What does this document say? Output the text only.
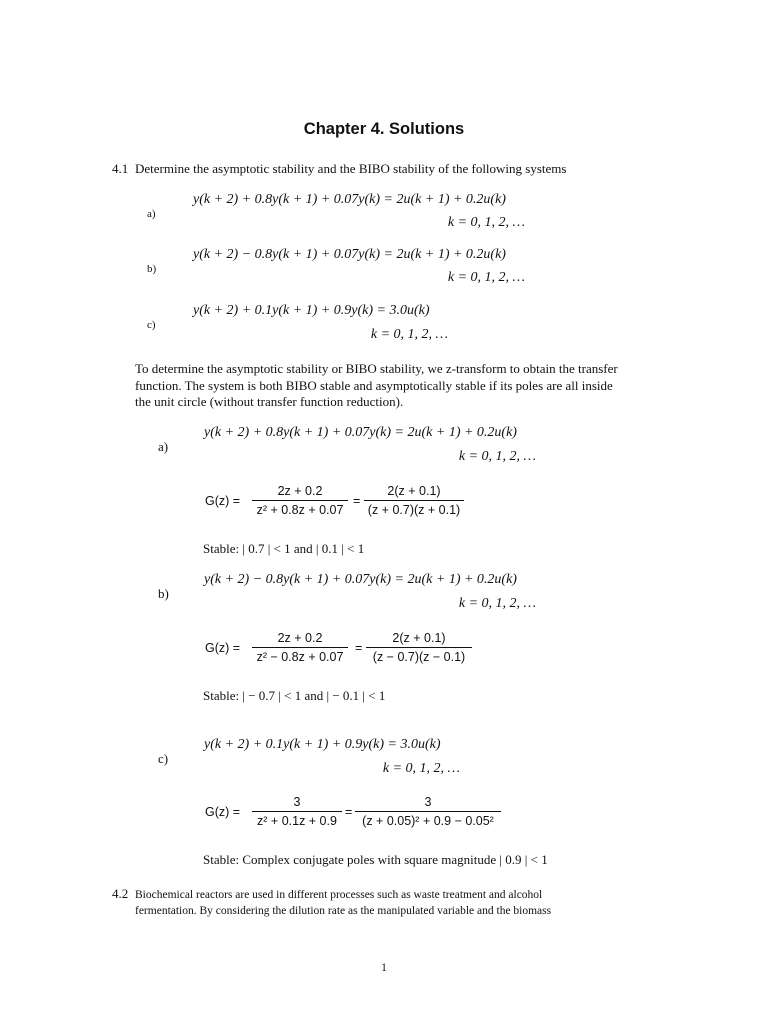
Chapter 4. Solutions
4.1 Determine the asymptotic stability and the BIBO stability of the following systems
a)
y(k + 2) + 0.8y(k + 1) + 0.07y(k) = 2u(k + 1) + 0.2u(k)
k = 0, 1, 2, …
b)
y(k + 2) − 0.8y(k + 1) + 0.07y(k) = 2u(k + 1) + 0.2u(k)
k = 0, 1, 2, …
c)
y(k + 2) + 0.1y(k + 1) + 0.9y(k) = 3.0u(k)
k = 0, 1, 2, …
To determine the asymptotic stability or BIBO stability, we z-transform to obtain the transfer
function. The system is both BIBO stable and asymptotically stable if its poles are all inside
the unit circle (without transfer function reduction).
a)
y(k + 2) + 0.8y(k + 1) + 0.07y(k) = 2u(k + 1) + 0.2u(k)
k = 0, 1, 2, …
G(z) =
2z + 0.2
z² + 0.8z + 0.07
=
2(z + 0.1)
(z + 0.7)(z + 0.1)
Stable: | 0.7 | < 1 and | 0.1 | < 1
b)
y(k + 2) − 0.8y(k + 1) + 0.07y(k) = 2u(k + 1) + 0.2u(k)
k = 0, 1, 2, …
G(z) =
2z + 0.2
z² − 0.8z + 0.07
=
2(z + 0.1)
(z − 0.7)(z − 0.1)
Stable: | − 0.7 | < 1 and | − 0.1 | < 1
c)
y(k + 2) + 0.1y(k + 1) + 0.9y(k) = 3.0u(k)
k = 0, 1, 2, …
G(z) =
3
z² + 0.1z + 0.9
=
3
(z + 0.05)² + 0.9 − 0.05²
Stable: Complex conjugate poles with square magnitude | 0.9 | < 1
4.2 Biochemical reactors are used in different processes such as waste treatment and alcohol
fermentation. By considering the dilution rate as the manipulated variable and the biomass
1
